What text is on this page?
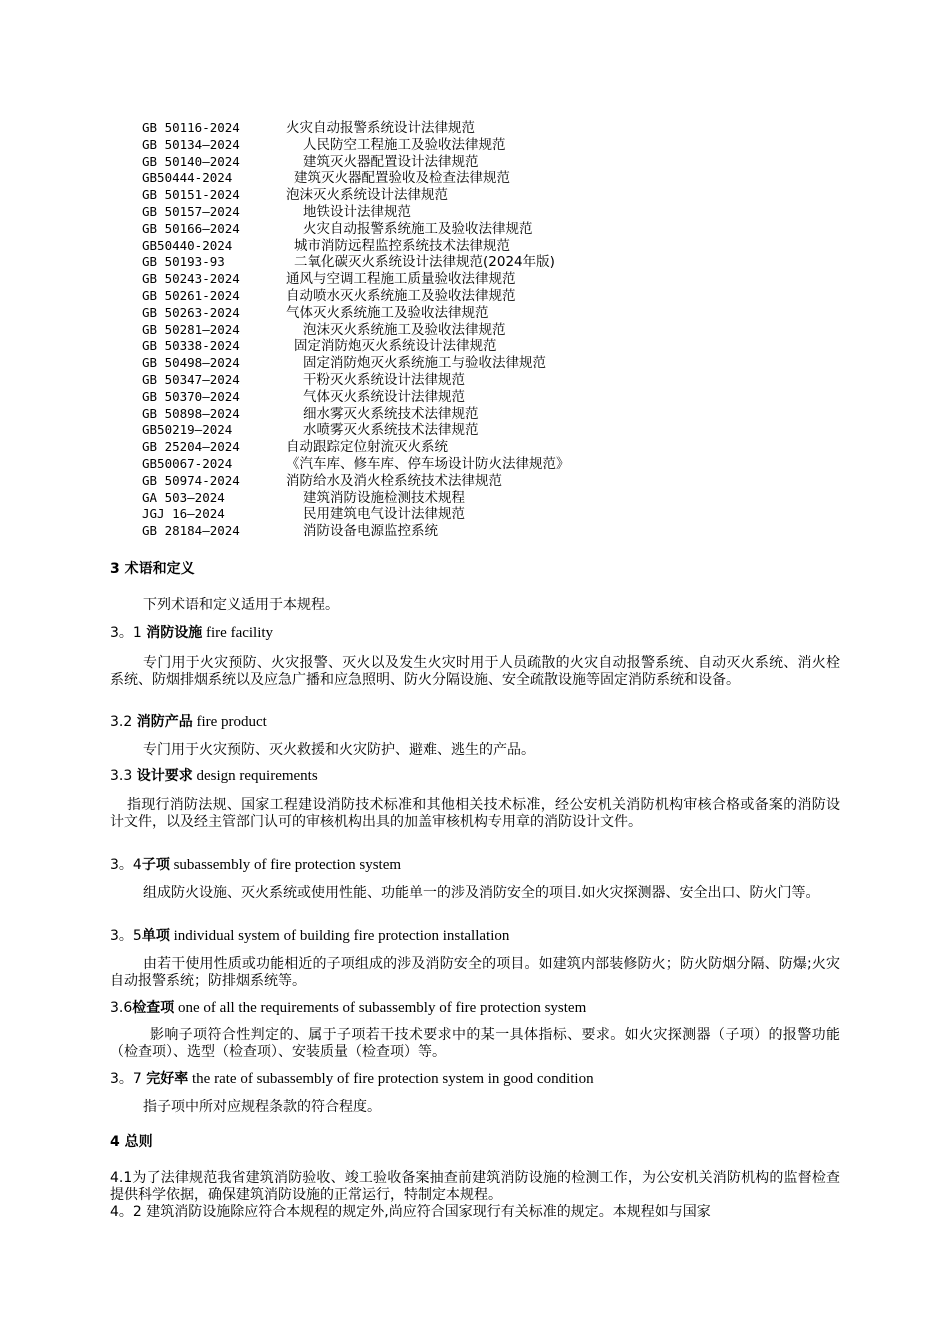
GB 50116-2024	火灾自动报警系统设计法律规范
GB 50134—2024	人民防空工程施工及验收法律规范
GB 50140—2024	建筑灭火器配置设计法律规范
GB50444-2024	建筑灭火器配置验收及检查法律规范
GB 50151-2024	泡沫灭火系统设计法律规范
GB 50157—2024	地铁设计法律规范
GB 50166—2024	火灾自动报警系统施工及验收法律规范
GB50440-2024	城市消防远程监控系统技术法律规范
GB 50193-93	二氧化碳灭火系统设计法律规范(2024年版)
GB 50243-2024	通风与空调工程施工质量验收法律规范
GB 50261-2024	自动喷水灭火系统施工及验收法律规范
GB 50263-2024	气体灭火系统施工及验收法律规范
GB 50281—2024	泡沫灭火系统施工及验收法律规范
GB 50338-2024	固定消防炮灭火系统设计法律规范
GB 50498—2024	固定消防炮灭火系统施工与验收法律规范
GB 50347—2024	干粉灭火系统设计法律规范
GB 50370—2024	气体灭火系统设计法律规范
GB 50898—2024	细水雾灭火系统技术法律规范
GB50219—2024	水喷雾灭火系统技术法律规范
GB 25204—2024	自动跟踪定位射流灭火系统
GB50067-2024	《汽车库、修车库、停车场设计防火法律规范》
GB 50974-2024	消防给水及消火栓系统技术法律规范
GA 503—2024	建筑消防设施检测技术规程
JGJ 16—2024	民用建筑电气设计法律规范
GB 28184—2024	消防设备电源监控系统
3 术语和定义
下列术语和定义适用于本规程。
3。1 消防设施 fire facility
专门用于火灾预防、火灾报警、灭火以及发生火灾时用于人员疏散的火灾自动报警系统、自动灭火系统、消火栓系统、防烟排烟系统以及应急广播和应急照明、防火分隔设施、安全疏散设施等固定消防系统和设备。
3.2 消防产品 fire product
专门用于火灾预防、灭火救援和火灾防护、避难、逃生的产品。
3.3 设计要求 design requirements
指现行消防法规、国家工程建设消防技术标准和其他相关技术标准，经公安机关消防机构审核合格或备案的消防设计文件，以及经主管部门认可的审核机构出具的加盖审核机构专用章的消防设计文件。
3。4子项 subassembly of fire protection system
组成防火设施、灭火系统或使用性能、功能单一的涉及消防安全的项目.如火灾探测器、安全出口、防火门等。
3。5单项 individual system of building fire protection installation
由若干使用性质或功能相近的子项组成的涉及消防安全的项目。如建筑内部装修防火；防火防烟分隔、防爆;火灾自动报警系统；防排烟系统等。
3.6检查项 one of all the requirements of subassembly of fire protection system
影响子项符合性判定的、属于子项若干技术要求中的某一具体指标、要求。如火灾探测器（子项）的报警功能（检查项）、选型（检查项）、安装质量（检查项）等。
3。7 完好率 the rate of subassembly of fire protection system in good condition
指子项中所对应规程条款的符合程度。
4 总则
4.1为了法律规范我省建筑消防验收、竣工验收备案抽查前建筑消防设施的检测工作，为公安机关消防机构的监督检查提供科学依据，确保建筑消防设施的正常运行，特制定本规程。
4。2 建筑消防设施除应符合本规程的规定外,尚应符合国家现行有关标准的规定。本规程如与国家
